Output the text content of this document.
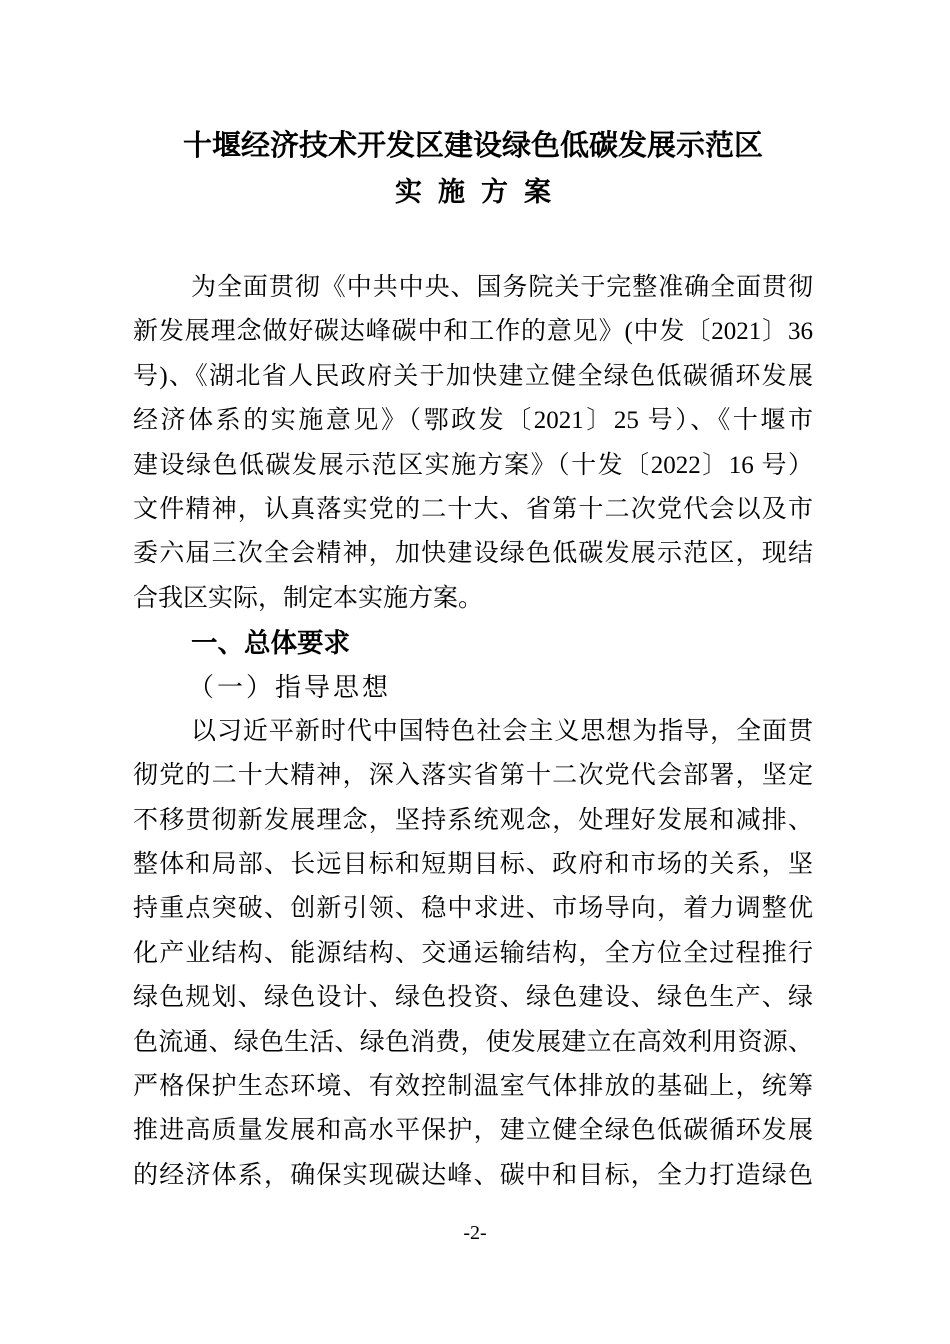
十堰经济技术开发区建设绿色低碳发展示范区
实施方案
为全面贯彻《中共中央、国务院关于完整准确全面贯彻
新发展理念做好碳达峰碳中和工作的意见》(中发〔2021〕36
号)、《湖北省人民政府关于加快建立健全绿色低碳循环发展
经济体系的实施意见》（鄂政发〔2021〕25 号）、《十堰市
建设绿色低碳发展示范区实施方案》（十发〔2022〕16 号）
文件精神，认真落实党的二十大、省第十二次党代会以及市
委六届三次全会精神，加快建设绿色低碳发展示范区，现结
合我区实际，制定本实施方案。
一、总体要求
（一）指导思想
以习近平新时代中国特色社会主义思想为指导，全面贯
彻党的二十大精神，深入落实省第十二次党代会部署，坚定
不移贯彻新发展理念，坚持系统观念，处理好发展和减排、
整体和局部、长远目标和短期目标、政府和市场的关系，坚
持重点突破、创新引领、稳中求进、市场导向，着力调整优
化产业结构、能源结构、交通运输结构，全方位全过程推行
绿色规划、绿色设计、绿色投资、绿色建设、绿色生产、绿
色流通、绿色生活、绿色消费，使发展建立在高效利用资源、
严格保护生态环境、有效控制温室气体排放的基础上，统筹
推进高质量发展和高水平保护，建立健全绿色低碳循环发展
的经济体系，确保实现碳达峰、碳中和目标，全力打造绿色
-2-
